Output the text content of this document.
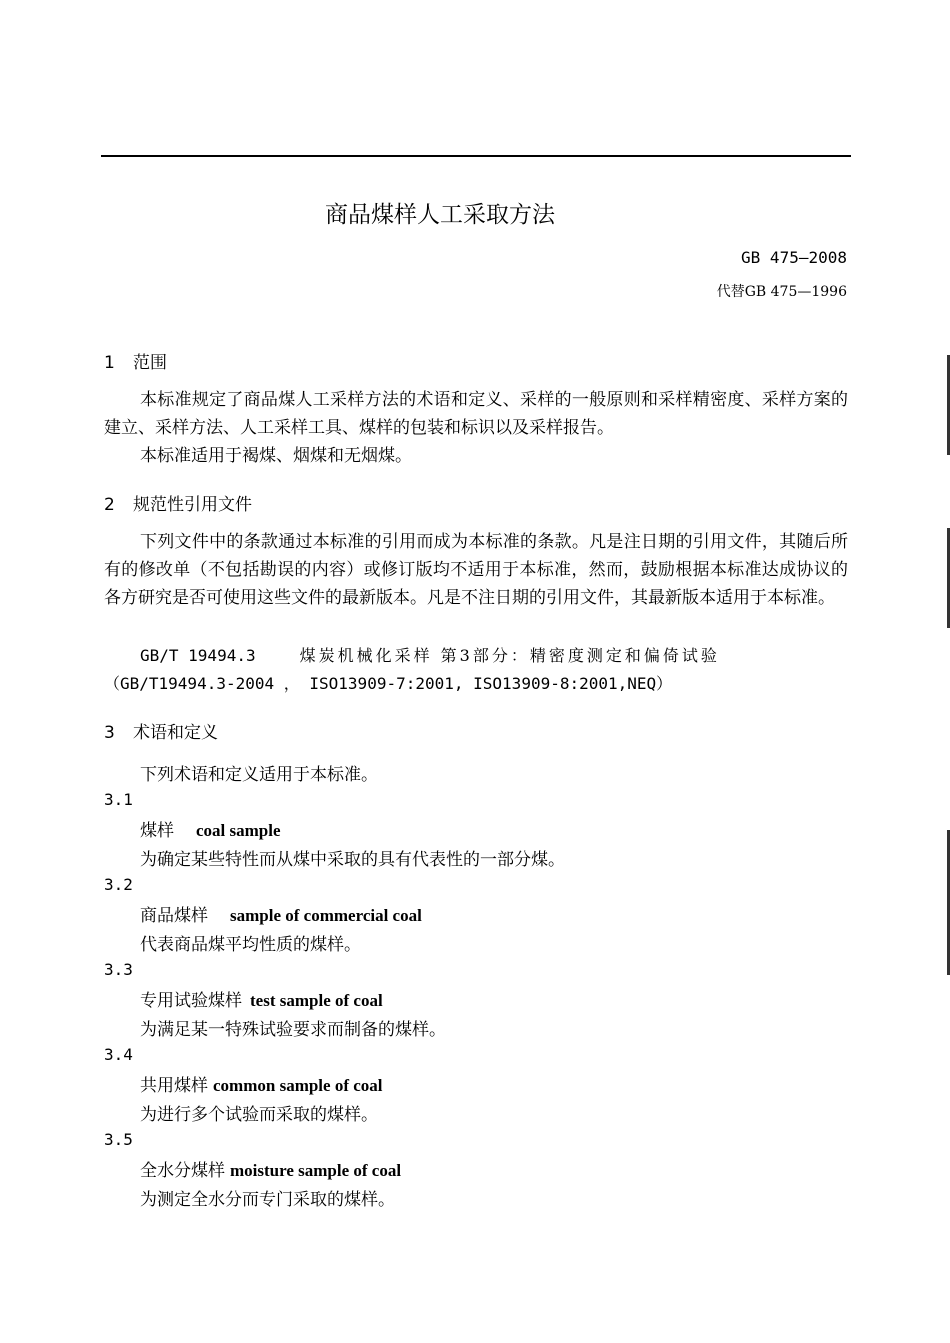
商品煤样人工采取方法
GB 475—2008
代替GB 475—1996
1 范围
本标准规定了商品煤人工采样方法的术语和定义、采样的一般原则和采样精密度、采样方案的建立、采样方法、人工采样工具、煤样的包装和标识以及采样报告。
本标准适用于褐煤、烟煤和无烟煤。
2 规范性引用文件
下列文件中的条款通过本标准的引用而成为本标准的条款。凡是注日期的引用文件，其随后所有的修改单（不包括勘误的内容）或修订版均不适用于本标准，然而，鼓励根据本标准达成协议的各方研究是否可使用这些文件的最新版本。凡是不注日期的引用文件，其最新版本适用于本标准。
GB/T 19494.3	煤炭机械化采样 第3部分：精密度测定和偏倚试验
（GB/T19494.3-2004 ， ISO13909-7:2001, ISO13909-8:2001,NEQ）
3 术语和定义
下列术语和定义适用于本标准。
3.1
煤样 coal sample
为确定某些特性而从煤中采取的具有代表性的一部分煤。
3.2
商品煤样 sample of commercial coal
代表商品煤平均性质的煤样。
3.3
专用试验煤样 test sample of coal
为满足某一特殊试验要求而制备的煤样。
3.4
共用煤样 common sample of coal
为进行多个试验而采取的煤样。
3.5
全水分煤样 moisture sample of coal
为测定全水分而专门采取的煤样。
